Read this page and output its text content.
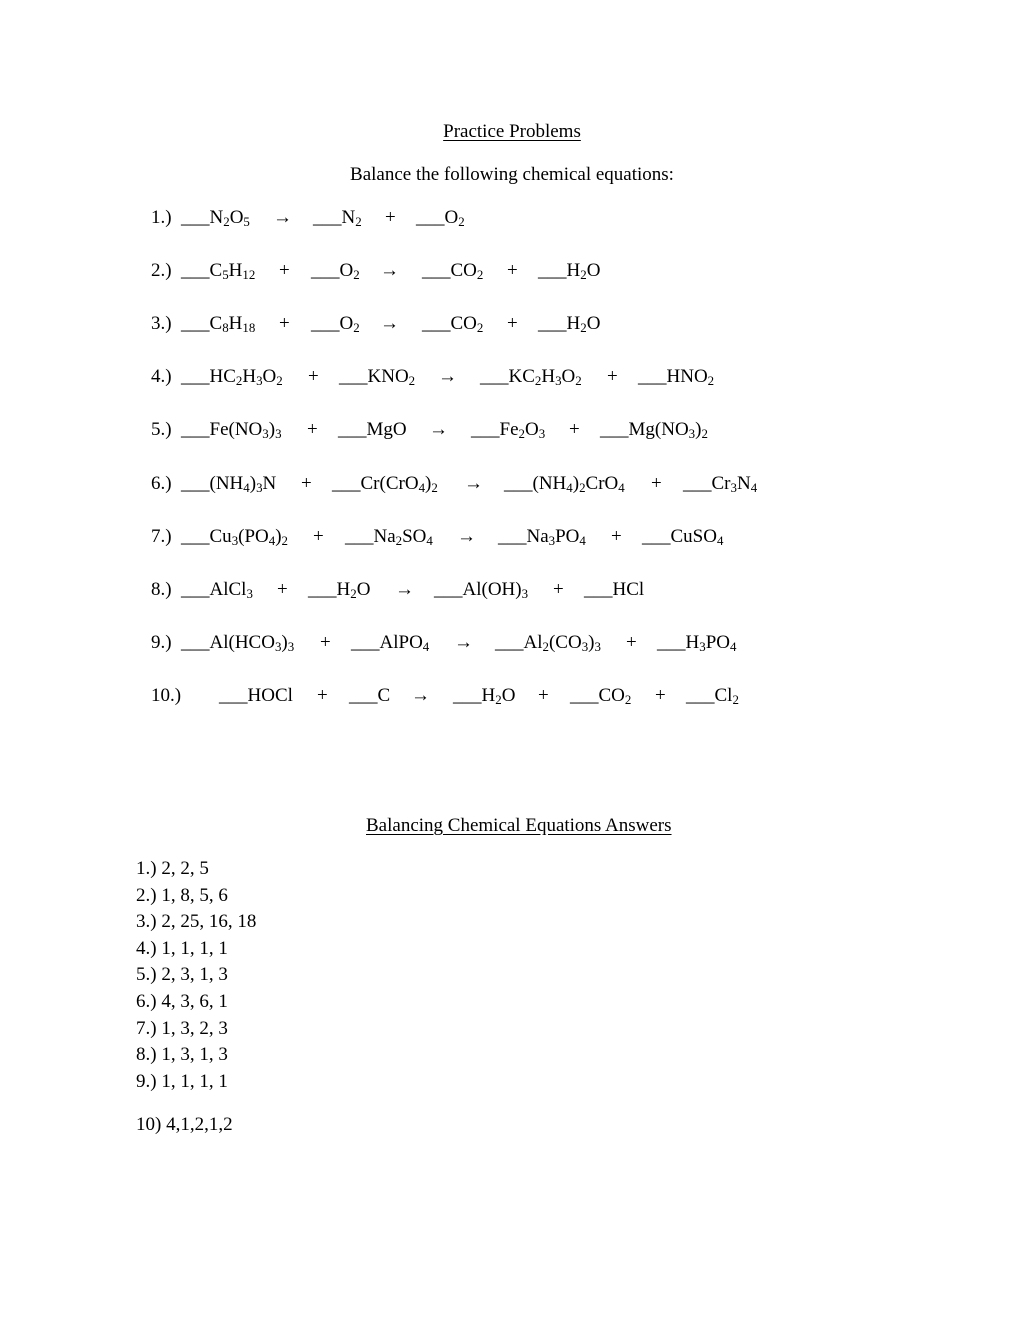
Practice Problems
Balance the following chemical equations:
1.) $\_\_\_N_2O_5$ → $\_\_\_N_2$	$\_\_\_O_2$
+
2.) $\_\_\_C_5H_{12}$	$\_\_\_O_2$
+	→ $\_\_\_CO_2$	$\_\_\_H_2O$
+
3.) $\_\_\_C_8H_{18}$	$\_\_\_O_2$
+	→ $\_\_\_CO_2$	$\_\_\_H_2O$
+
4.) $\_\_\_HC_2H_3O_2$	$\_\_\_KNO_2$
+	→ $\_\_\_KC_2H_3O_2$	$\_\_\_HNO_2$
+
5.) $\_\_\_Fe(NO_3)_3$	___MgO
+	→ $\_\_\_Fe_2O_3$	$\_\_\_Mg(NO_3)_2$
+
6.) $\_\_\_(NH_4)_3N$	$\_\_\_Cr(CrO_4)_2$
+	→ $\_\_\_(NH_4)_2CrO_4$	$\_\_\_Cr_3N_4$
+
7.) $\_\_\_Cu_3(PO_4)_2$	$\_\_\_Na_2SO_4$
+	→ $\_\_\_Na_3PO_4$	___CuSO$_4$
+
8.) ___AlCl$_3$	$\_\_\_H_2O$
+	→ $\_\_\_Al(OH)_3$	___HCl
+
9.) $\_\_\_Al(HCO_3)_3$	___AlPO$_4$
+	→ $\_\_\_Al_2(CO_3)_3$	$\_\_\_H_3PO_4$
+
10.) ___HOCl	___C
+	→ $\_\_\_H_2O$	$\_\_\_CO_2$	$\_\_\_Cl_2$
+	+
Balancing Chemical Equations Answers
1.) 2, 2, 5
2.) 1, 8, 5, 6
3.) 2, 25, 16, 18
4.) 1, 1, 1, 1
5.) 2, 3, 1, 3
6.) 4, 3, 6, 1
7.) 1, 3, 2, 3
8.) 1, 3, 1, 3
9.) 1, 1, 1, 1
10) 4,1,2,1,2
